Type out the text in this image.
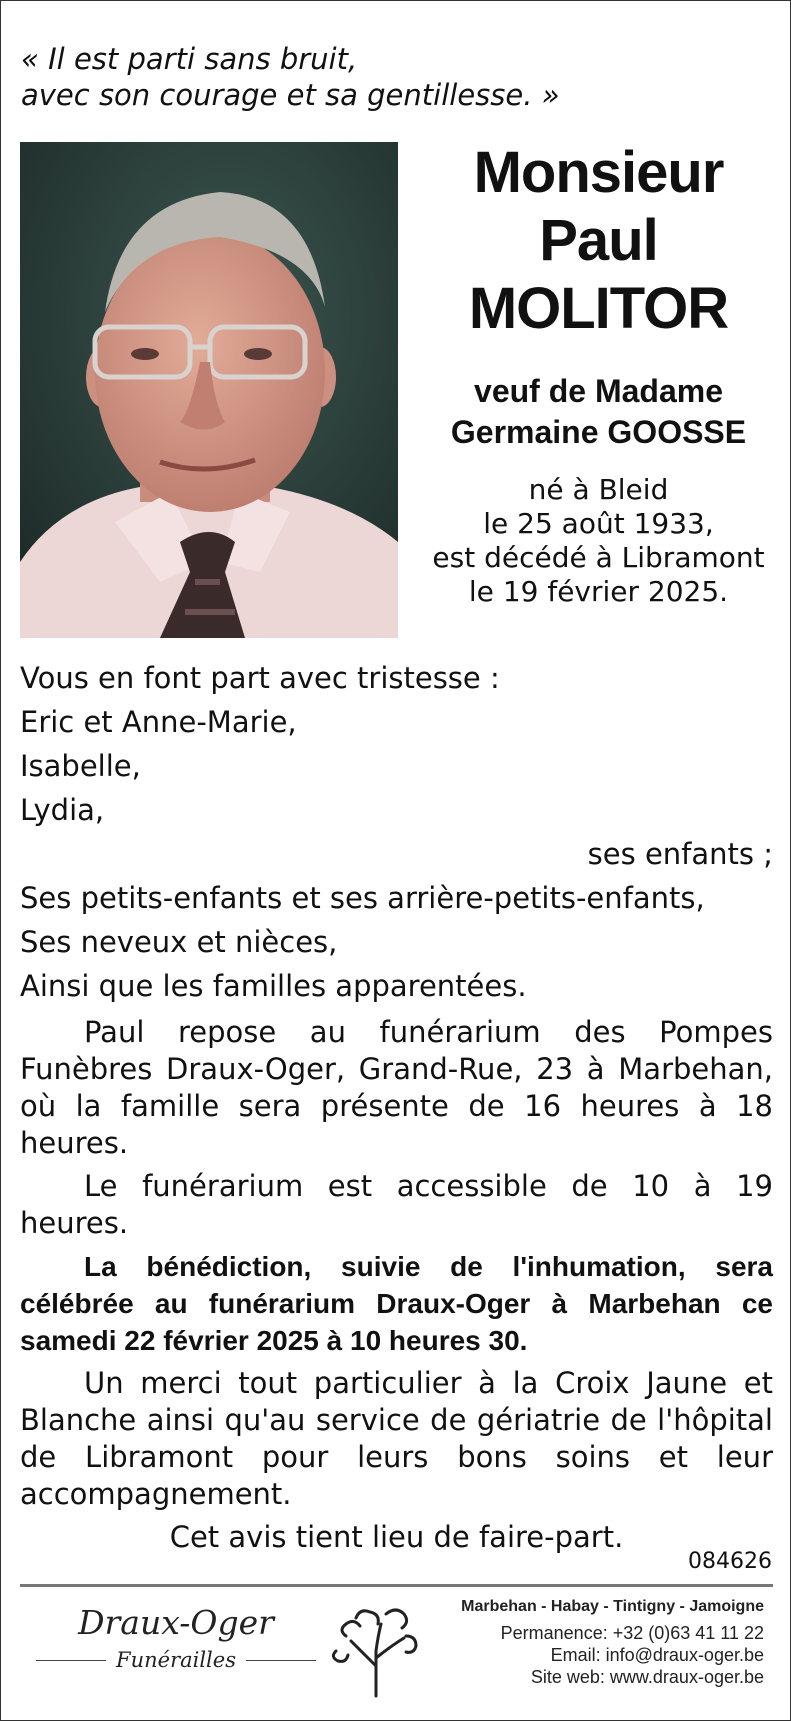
« Il est parti sans bruit,
avec son courage et sa gentillesse. »
Monsieur
Paul
MOLITOR
veuf de Madame
Germaine GOOSSE
né à Bleid
le 25 août 1933,
est décédé à Libramont
le 19 février 2025.
Vous en font part avec tristesse :
Eric et Anne-Marie,
Isabelle,
Lydia,
ses enfants ;
Ses petits-enfants et ses arrière-petits-enfants,
Ses neveux et nièces,
Ainsi que les familles apparentées.
Paul repose au funérarium des Pompes Funèbres Draux-Oger, Grand-Rue, 23 à Marbehan, où la famille sera présente de 16 heures à 18 heures.
Le funérarium est accessible de 10 à 19 heures.
La bénédiction, suivie de l'inhumation, sera célébrée au funérarium Draux-Oger à Marbehan ce samedi 22 février 2025 à 10 heures 30.
Un merci tout particulier à la Croix Jaune et Blanche ainsi qu'au service de gériatrie de l'hôpital de Libramont pour leurs bons soins et leur accompagnement.
Cet avis tient lieu de faire-part.
084626
Draux-Oger
Funérailles
Marbehan - Habay - Tintigny - Jamoigne
Permanence: +32 (0)63 41 11 22
Email: info@draux-oger.be
Site web: www.draux-oger.be
